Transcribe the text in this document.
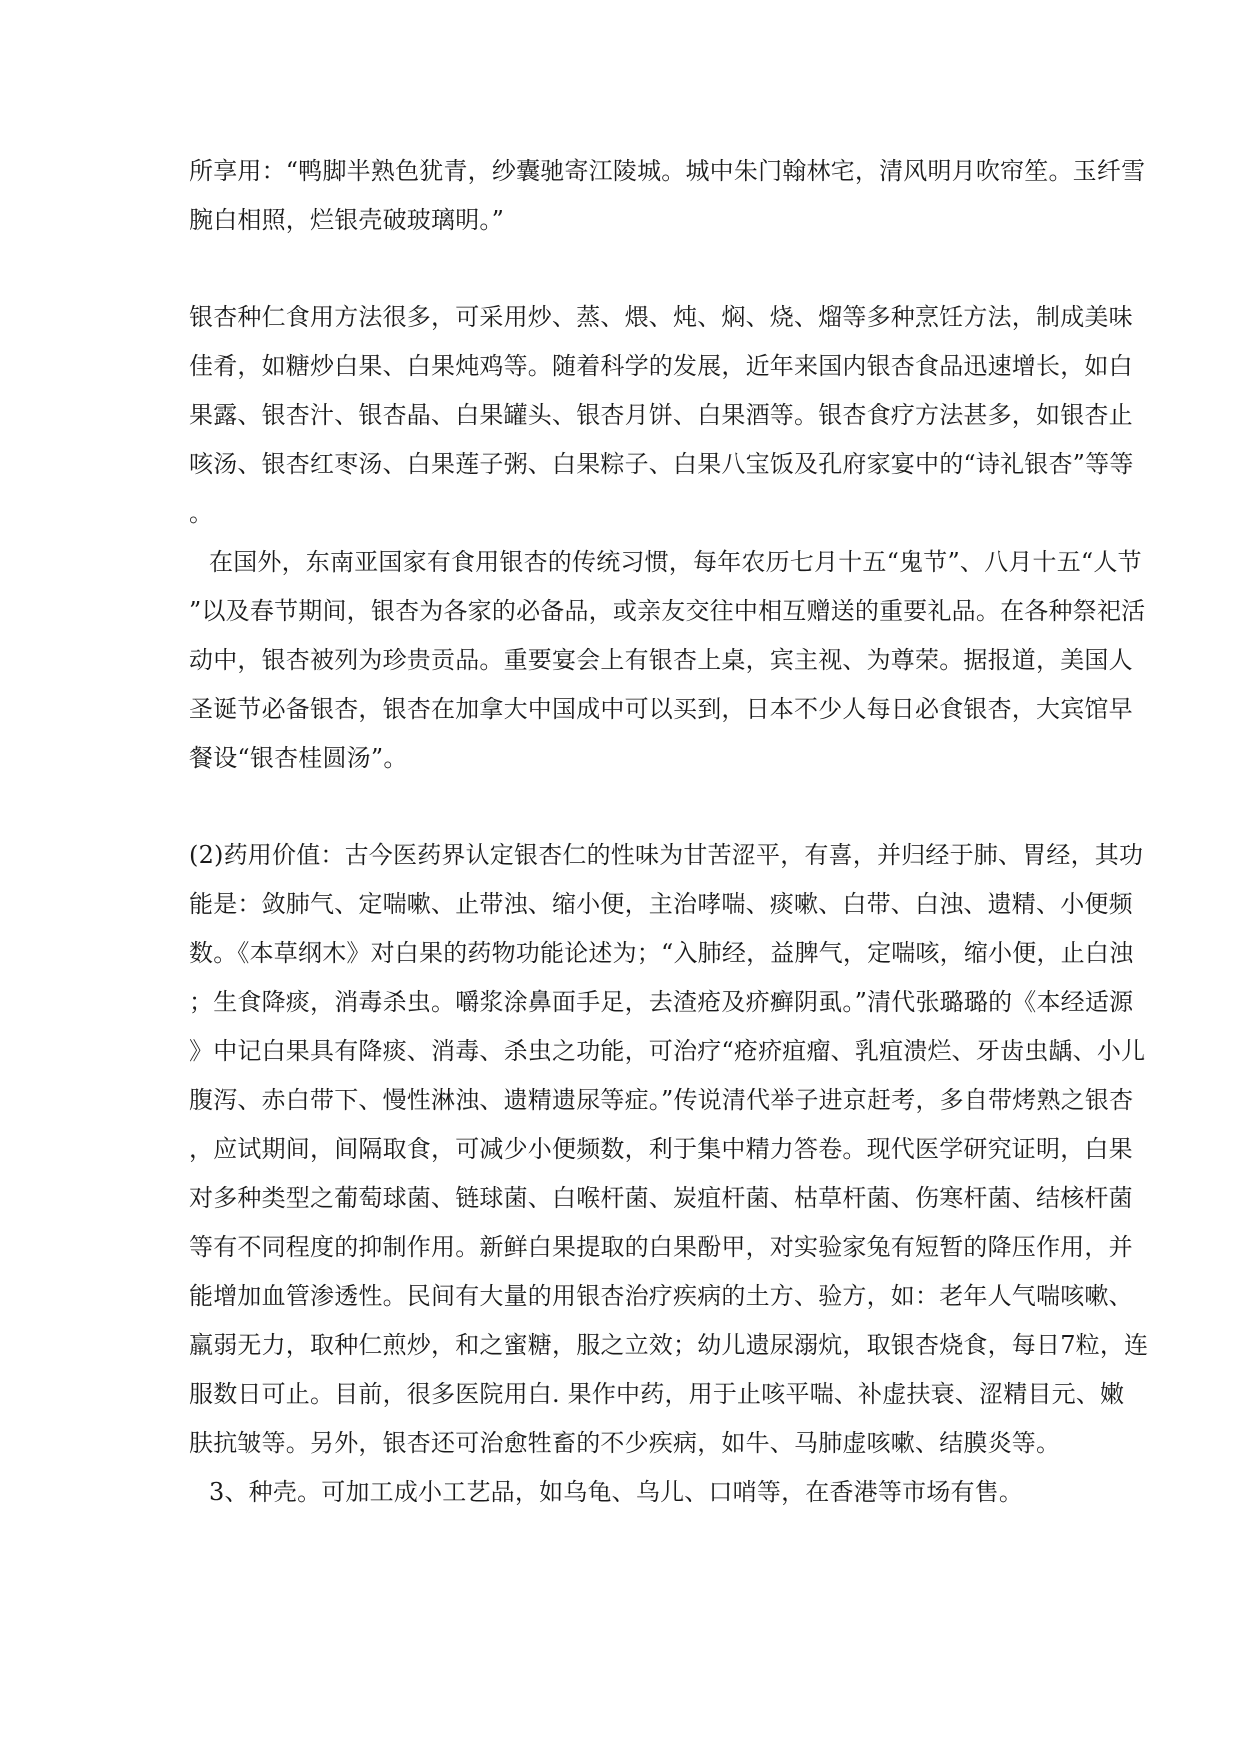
所享用：“鸭脚半熟色犹青，纱囊驰寄江陵城。城中朱门翰林宅，清风明月吹帘笙。玉纤雪

腕白相照，烂银壳破玻璃明。”

银杏种仁食用方法很多，可采用炒、蒸、煨、炖、焖、烧、熘等多种烹饪方法，制成美味

佳肴，如糖炒白果、白果炖鸡等。随着科学的发展，近年来国内银杏食品迅速增长，如白

果露、银杏汁、银杏晶、白果罐头、银杏月饼、白果酒等。银杏食疗方法甚多，如银杏止

咳汤、银杏红枣汤、白果莲子粥、白果粽子、白果八宝饭及孔府家宴中的“诗礼银杏”等等

。

在国外，东南亚国家有食用银杏的传统习惯，每年农历七月十五“鬼节”、八月十五“人节

”以及春节期间，银杏为各家的必备品，或亲友交往中相互赠送的重要礼品。在各种祭祀活

动中，银杏被列为珍贵贡品。重要宴会上有银杏上桌，宾主视、为尊荣。据报道，美国人

圣诞节必备银杏，银杏在加拿大中国成中可以买到，日本不少人每日必食银杏，大宾馆早

餐设“银杏桂圆汤”。

(2)药用价值：古今医药界认定银杏仁的性味为甘苦涩平，有喜，并归经于肺、胃经，其功

能是：敛肺气、定喘嗽、止带浊、缩小便，主治哮喘、痰嗽、白带、白浊、遗精、小便频

数。《本草纲木》对白果的药物功能论述为；“入肺经，益脾气，定喘咳，缩小便，止白浊

；生食降痰，消毒杀虫。嚼浆涂鼻面手足，去渣疮及疥癣阴虱。”清代张璐璐的《本经适源

》中记白果具有降痰、消毒、杀虫之功能，可治疗“疮疥疽瘤、乳疽溃烂、牙齿虫龋、小儿

腹泻、赤白带下、慢性淋浊、遗精遗尿等症。”传说清代举子进京赶考，多自带烤熟之银杏

，应试期间，间隔取食，可减少小便频数，利于集中精力答卷。现代医学研究证明，白果

对多种类型之葡萄球菌、链球菌、白喉杆菌、炭疽杆菌、枯草杆菌、伤寒杆菌、结核杆菌

等有不同程度的抑制作用。新鲜白果提取的白果酚甲，对实验家兔有短暂的降压作用，并

能增加血管渗透性。民间有大量的用银杏治疗疾病的土方、验方，如：老年人气喘咳嗽、

羸弱无力，取种仁煎炒，和之蜜糖，服之立效；幼儿遗尿溺炕，取银杏烧食，每日7粒，连

服数日可止。目前，很多医院用白. 果作中药，用于止咳平喘、补虚扶衰、涩精目元、嫩

肤抗皱等。另外，银杏还可治愈牲畜的不少疾病，如牛、马肺虚咳嗽、结膜炎等。

3、种壳。可加工成小工艺品，如乌龟、乌儿、口哨等，在香港等市场有售。
